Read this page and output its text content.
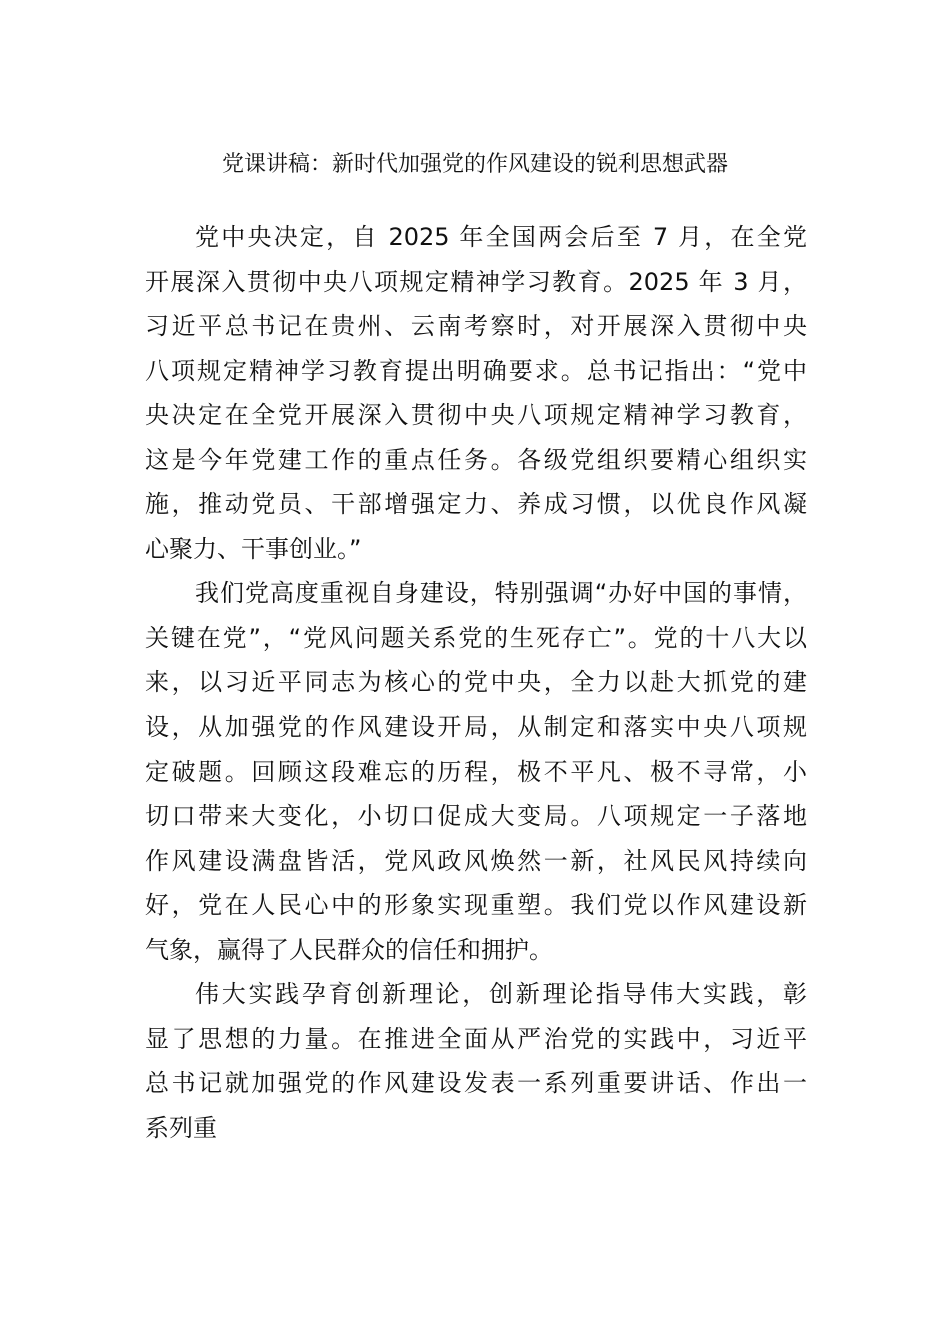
党课讲稿：新时代加强党的作风建设的锐利思想武器
党中央决定，自 2025 年全国两会后至 7 月，在全党
开展深入贯彻中央八项规定精神学习教育。2025 年 3 月，
习近平总书记在贵州、云南考察时，对开展深入贯彻中央
八项规定精神学习教育提出明确要求。总书记指出：“党中
央决定在全党开展深入贯彻中央八项规定精神学习教育，
这是今年党建工作的重点任务。各级党组织要精心组织实
施，推动党员、干部增强定力、养成习惯，以优良作风凝
心聚力、干事创业。”
我们党高度重视自身建设，特别强调“办好中国的事情，
关键在党”，“党风问题关系党的生死存亡”。党的十八大以
来，以习近平同志为核心的党中央，全力以赴大抓党的建
设，从加强党的作风建设开局，从制定和落实中央八项规
定破题。回顾这段难忘的历程，极不平凡、极不寻常，小
切口带来大变化，小切口促成大变局。八项规定一子落地
作风建设满盘皆活，党风政风焕然一新，社风民风持续向
好，党在人民心中的形象实现重塑。我们党以作风建设新
气象，赢得了人民群众的信任和拥护。
伟大实践孕育创新理论，创新理论指导伟大实践，彰
显了思想的力量。在推进全面从严治党的实践中，习近平
总书记就加强党的作风建设发表一系列重要讲话、作出一
系列重
